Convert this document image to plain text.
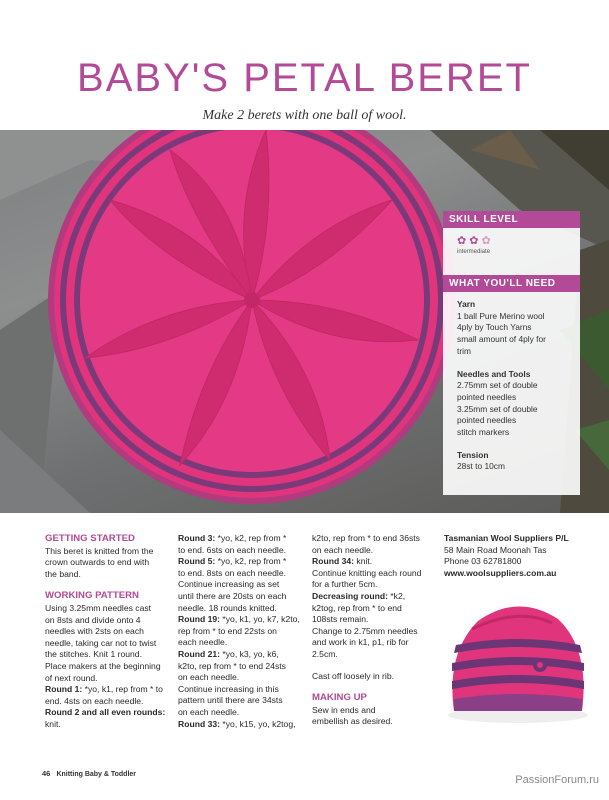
BABY'S PETAL BERET
Make 2 berets with one ball of wool.
SKILL LEVEL
✿ ✿ ✿
intermediate
WHAT YOU'LL NEED
Yarn
1 ball Pure Merino wool
4ply by Touch Yarns
small amount of 4ply for
trim
Needles and Tools
2.75mm set of double
pointed needles
3.25mm set of double
pointed needles
stitch markers
Tension
28st to 10cm
GETTING STARTED

This beret is knitted from the

crown outwards to end with

the band.

WORKING PATTERN

Using 3.25mm needles cast

on 8sts and divide onto 4

needles with 2sts on each

needle, taking car not to twist

the stitches. Knit 1 round.

Place makers at the beginning

of next round.

Round 1: *yo, k1, rep from * to

end. 4sts on each needle.

Round 2 and all even rounds:

knit.

Round 3: *yo, k2, rep from *

to end. 6sts on each needle.

Round 5: *yo, k2, rep from *

to end. 8sts on each needle.

Continue increasing as set

until there are 20sts on each

needle. 18 rounds knitted.

Round 19: *yo, k1, yo, k7, k2to,

rep from * to end 22sts on

each needle.

Round 21: *yo, k3, yo, k6,

k2to, rep from * to end 24sts

on each needle.

Continue increasing in this

pattern until there are 34sts

on each needle.

Round 33: *yo, k15, yo, k2tog,

k2to, rep from * to end 36sts

on each needle.

Round 34: knit.

Continue knitting each round

for a further 5cm.

Decreasing round: *k2,

k2tog, rep from * to end

108sts remain.

Change to 2.75mm needles

and work in k1, p1, rib for

2.5cm.

Cast off loosely in rib.

MAKING UP

Sew in ends and

embellish as desired.

Tasmanian Wool Suppliers P/L

58 Main Road Moonah Tas

Phone 03 62781800

www.woolsuppliers.com.au

46 Knitting Baby & Toddler	PassionForum.ru
